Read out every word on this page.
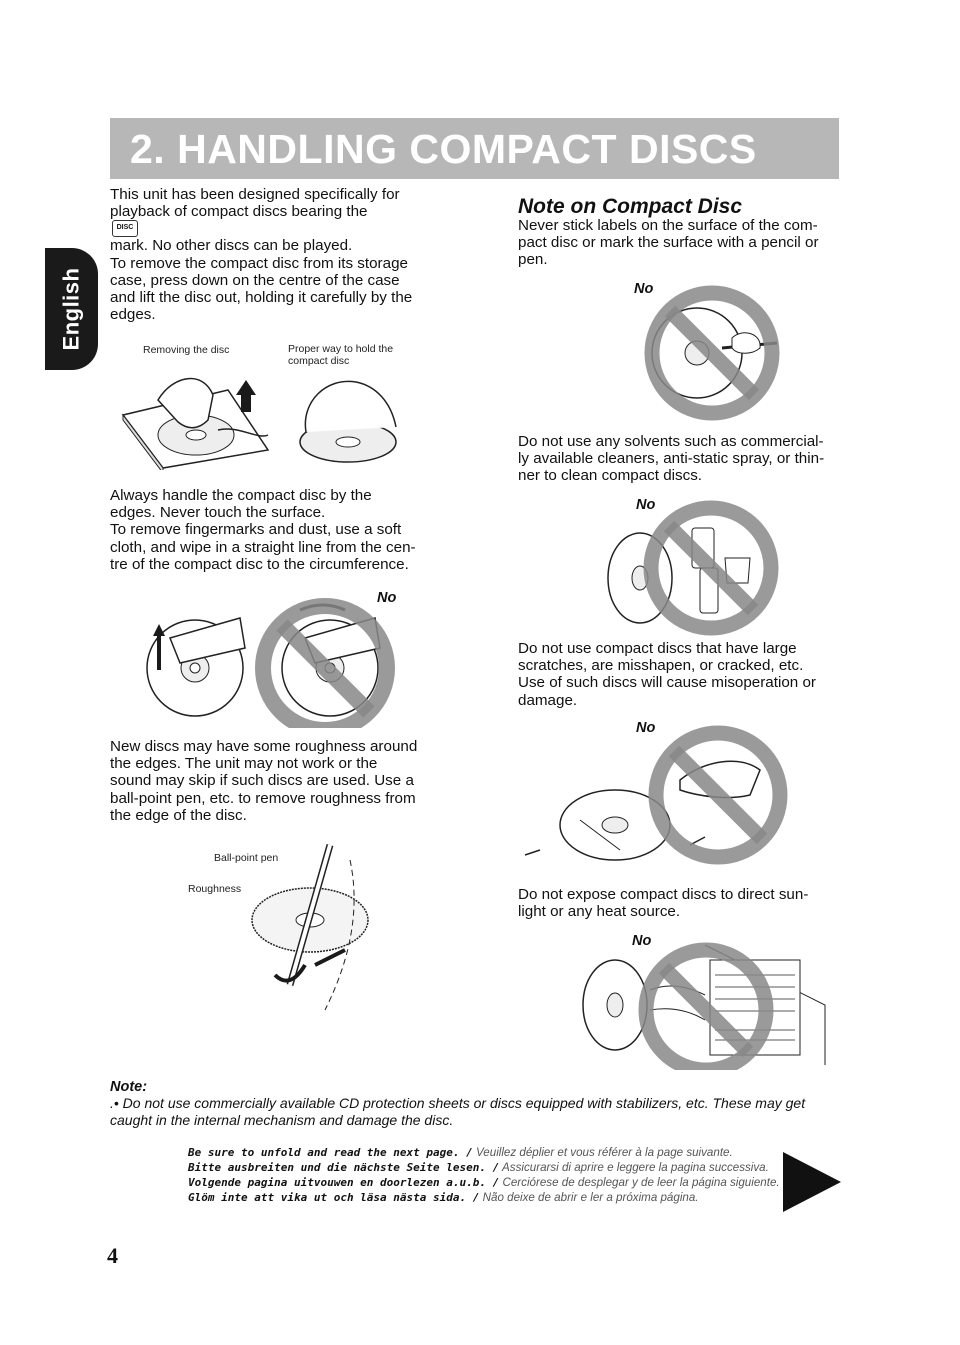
English
2. HANDLING COMPACT DISCS

This unit has been designed specifically for
playback of compact discs bearing the
DISC
mark. No other discs can be played.
To remove the compact disc from its storage
case, press down on the centre of the case
and lift the disc out, holding it carefully by the
edges.

Removing the disc	Proper way to hold the compact disc

Always handle the compact disc by the
edges. Never touch the surface.
To remove fingermarks and dust, use a soft
cloth, and wipe in a straight line from the cen-
tre of the compact disc to the circumference.

No

New discs may have some roughness around
the edges. The unit may not work or the
sound may skip if such discs are used. Use a
ball-point pen, etc. to remove roughness from
the edge of the disc.

Ball-point pen
Roughness
Note on Compact Disc

Never stick labels on the surface of the com-
pact disc or mark the surface with a pencil or
pen.

No

Do not use any solvents such as commercial-
ly available cleaners, anti-static spray, or thin-
ner to clean compact discs.

No

Do not use compact discs that have large
scratches, are misshapen, or cracked, etc.
Use of such discs will cause misoperation or
damage.

No

Do not expose compact discs to direct sun-
light or any heat source.

No
Note:

.• Do not use commercially available CD protection sheets or discs equipped with stabilizers, etc. These may get caught in the internal mechanism and damage the disc.

Be sure to unfold and read the next page. / Veuillez déplier et vous référer à la page suivante.
Bitte ausbreiten und die nächste Seite lesen. / Assicurarsi di aprire e leggere la pagina successiva.
Volgende pagina uitvouwen en doorlezen a.u.b. / Cerciórese de desplegar y de leer la página siguiente.
Glöm inte att vika ut och läsa nästa sida. / Não deixe de abrir e ler a próxima página.
4
